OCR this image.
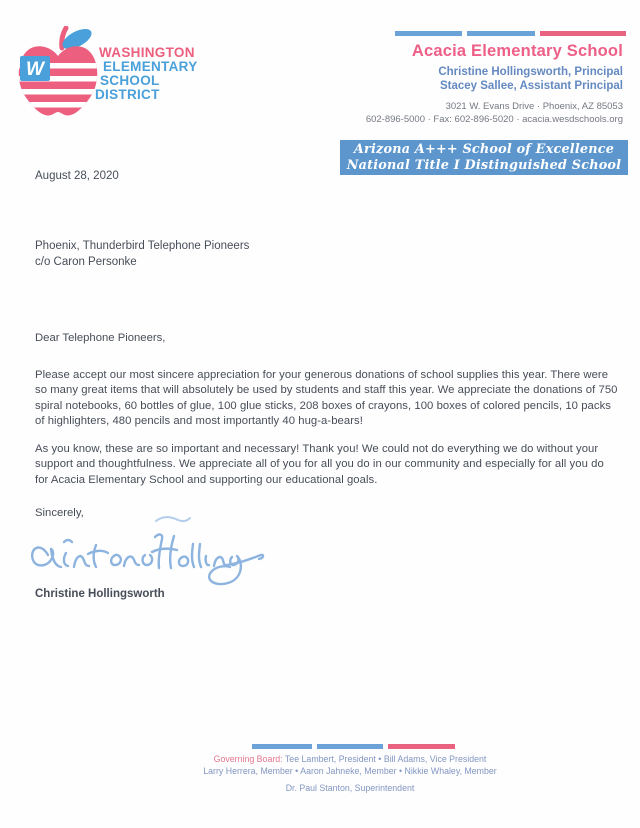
W
WASHINGTON
ELEMENTARY
SCHOOL
DISTRICT
Acacia Elementary School
Christine Hollingsworth, Principal
Stacey Sallee, Assistant Principal
3021 W. Evans Drive · Phoenix, AZ 85053
602-896-5000 · Fax: 602-896-5020 · acacia.wesdschools.org
Arizona A+++ School of Excellence
National Title I Distinguished School
August 28, 2020
Phoenix, Thunderbird Telephone Pioneers
c/o Caron Personke
Dear Telephone Pioneers,

Please accept our most sincere appreciation for your generous donations of school supplies this year. There were so many great items that will absolutely be used by students and staff this year. We appreciate the donations of 750 spiral notebooks, 60 bottles of glue, 100 glue sticks, 208 boxes of crayons, 100 boxes of colored pencils, 10 packs of highlighters, 480 pencils and most importantly 40 hug-a-bears!

As you know, these are so important and necessary! Thank you! We could not do everything we do without your support and thoughtfulness. We appreciate all of you for all you do in our community and especially for all you do for Acacia Elementary School and supporting our educational goals.

Sincerely,
Christine Hollingsworth
Governing Board: Tee Lambert, President • Bill Adams, Vice President
Larry Herrera, Member • Aaron Jahneke, Member • Nikkie Whaley, Member
Dr. Paul Stanton, Superintendent
